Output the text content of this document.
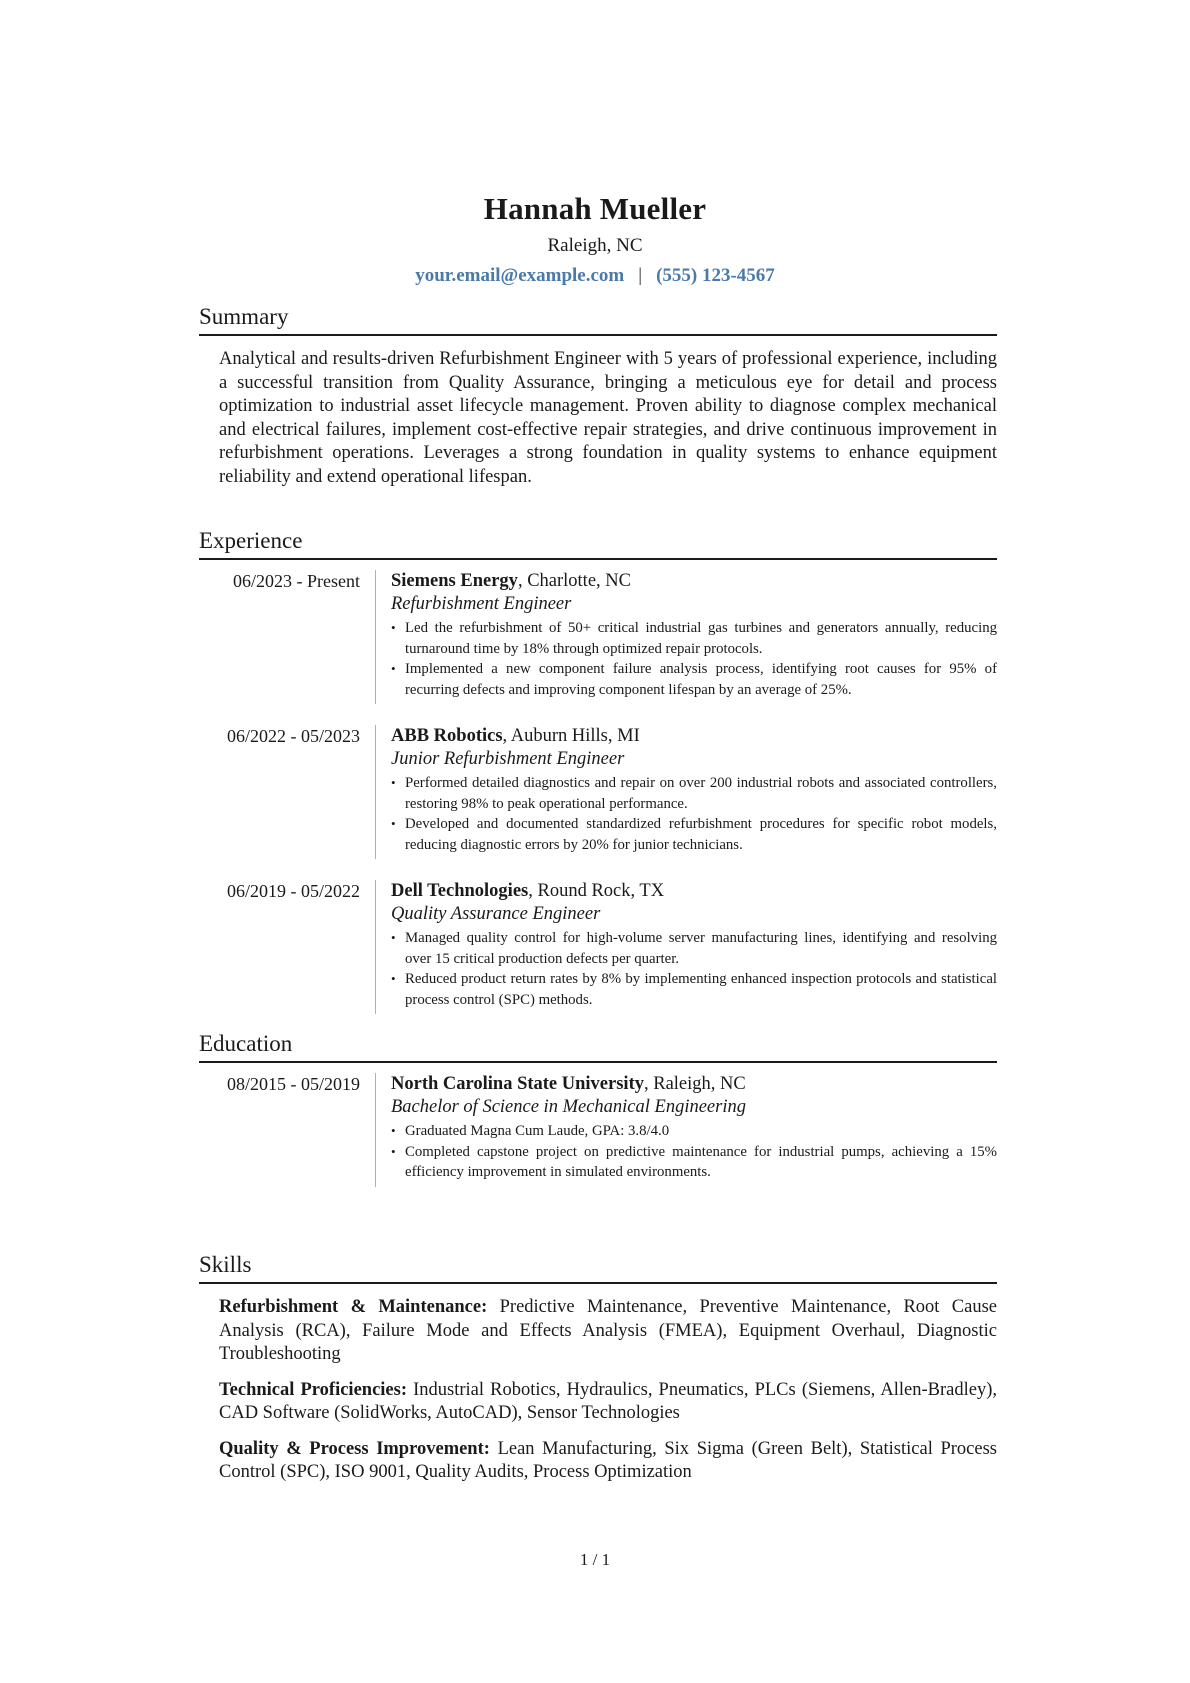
Hannah Mueller
Raleigh, NC
your.email@example.com | (555) 123-4567
Summary
Analytical and results-driven Refurbishment Engineer with 5 years of professional experience, including a successful transition from Quality Assurance, bringing a meticulous eye for detail and process optimization to industrial asset lifecycle management. Proven ability to diagnose complex mechanical and electrical failures, implement cost-effective repair strategies, and drive continuous improvement in refurbishment operations. Leverages a strong foundation in quality systems to enhance equipment reliability and extend operational lifespan.
Experience
06/2023 - Present	Siemens Energy, Charlotte, NC
Refurbishment Engineer
• Led the refurbishment of 50+ critical industrial gas turbines and generators annually, reducing turnaround time by 18% through optimized repair protocols.
• Implemented a new component failure analysis process, identifying root causes for 95% of recurring defects and improving component lifespan by an average of 25%.
06/2022 - 05/2023	ABB Robotics, Auburn Hills, MI
Junior Refurbishment Engineer
• Performed detailed diagnostics and repair on over 200 industrial robots and associated controllers, restoring 98% to peak operational performance.
• Developed and documented standardized refurbishment procedures for specific robot models, reducing diagnostic errors by 20% for junior technicians.
06/2019 - 05/2022	Dell Technologies, Round Rock, TX
Quality Assurance Engineer
• Managed quality control for high-volume server manufacturing lines, identifying and resolving over 15 critical production defects per quarter.
• Reduced product return rates by 8% by implementing enhanced inspection protocols and statistical process control (SPC) methods.
Education
08/2015 - 05/2019	North Carolina State University, Raleigh, NC
Bachelor of Science in Mechanical Engineering
• Graduated Magna Cum Laude, GPA: 3.8/4.0
• Completed capstone project on predictive maintenance for industrial pumps, achieving a 15% efficiency improvement in simulated environments.
Skills
Refurbishment & Maintenance: Predictive Maintenance, Preventive Maintenance, Root Cause Analysis (RCA), Failure Mode and Effects Analysis (FMEA), Equipment Overhaul, Diagnostic Troubleshooting
Technical Proficiencies: Industrial Robotics, Hydraulics, Pneumatics, PLCs (Siemens, Allen-Bradley), CAD Software (SolidWorks, AutoCAD), Sensor Technologies
Quality & Process Improvement: Lean Manufacturing, Six Sigma (Green Belt), Statistical Process Control (SPC), ISO 9001, Quality Audits, Process Optimization
1 / 1
